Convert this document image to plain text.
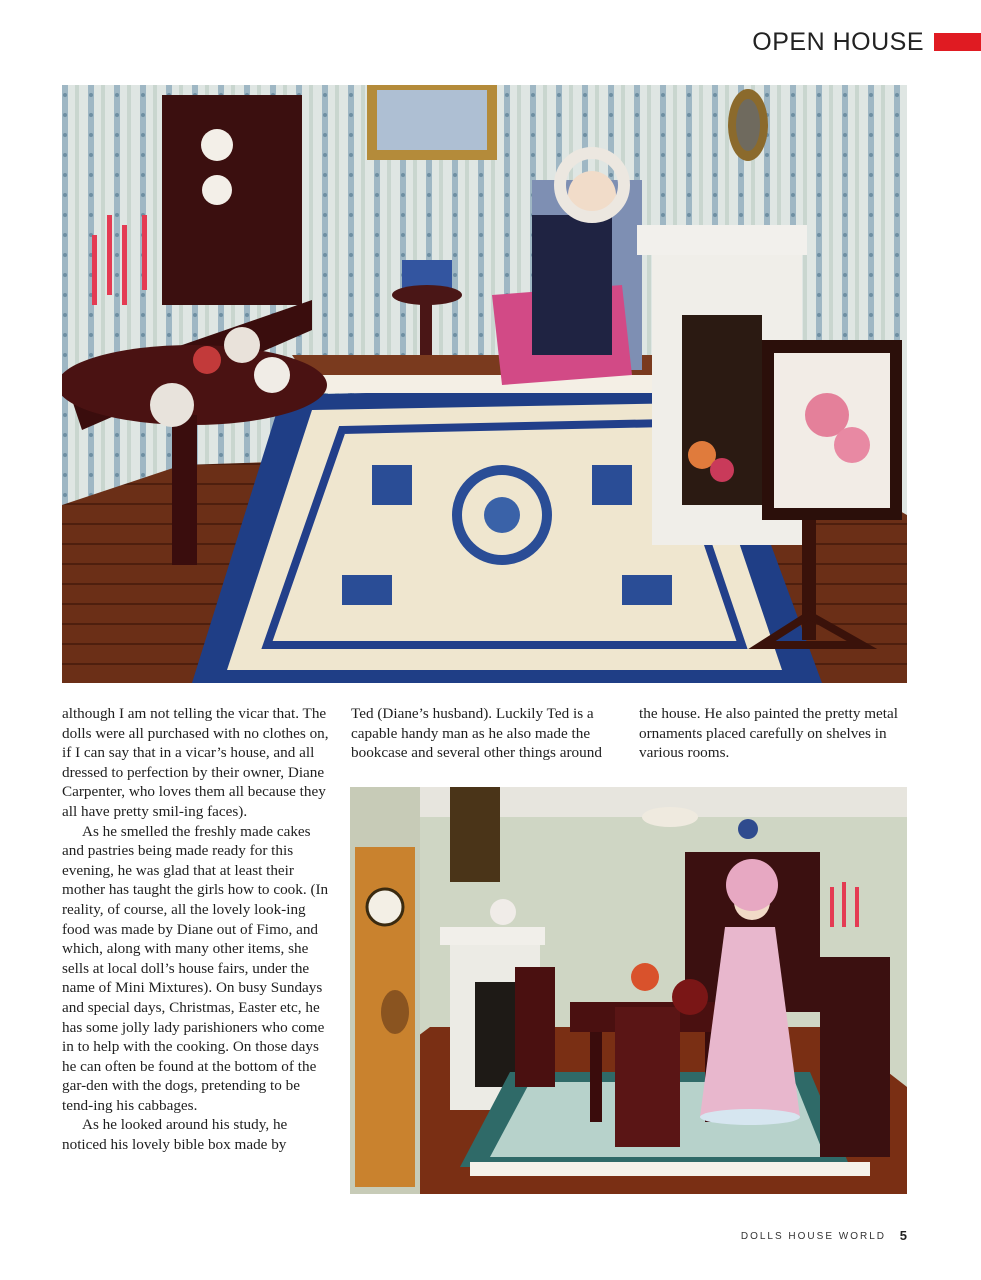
OPEN HOUSE

although I am not telling the vicar that. The dolls were all purchased with no clothes on, if I can say that in a vicar’s house, and all dressed to perfection by their owner, Diane Carpenter, who loves them all because they all have pretty smil-ing faces).

As he smelled the freshly made cakes and pastries being made ready for this evening, he was glad that at least their mother has taught the girls how to cook. (In reality, of course, all the lovely look-ing food was made by Diane out of Fimo, and which, along with many other items, she sells at local doll’s house fairs, under the name of Mini Mixtures). On busy Sundays and special days, Christmas, Easter etc, he has some jolly lady parishioners who come in to help with the cooking. On those days he can often be found at the bottom of the gar-den with the dogs, pretending to be tend-ing his cabbages.

As he looked around his study, he noticed his lovely bible box made by

Ted (Diane’s husband). Luckily Ted is a capable handy man as he also made the bookcase and several other things around

the house. He also painted the pretty metal ornaments placed carefully on shelves in various rooms.

DOLLS HOUSE WORLD 5
